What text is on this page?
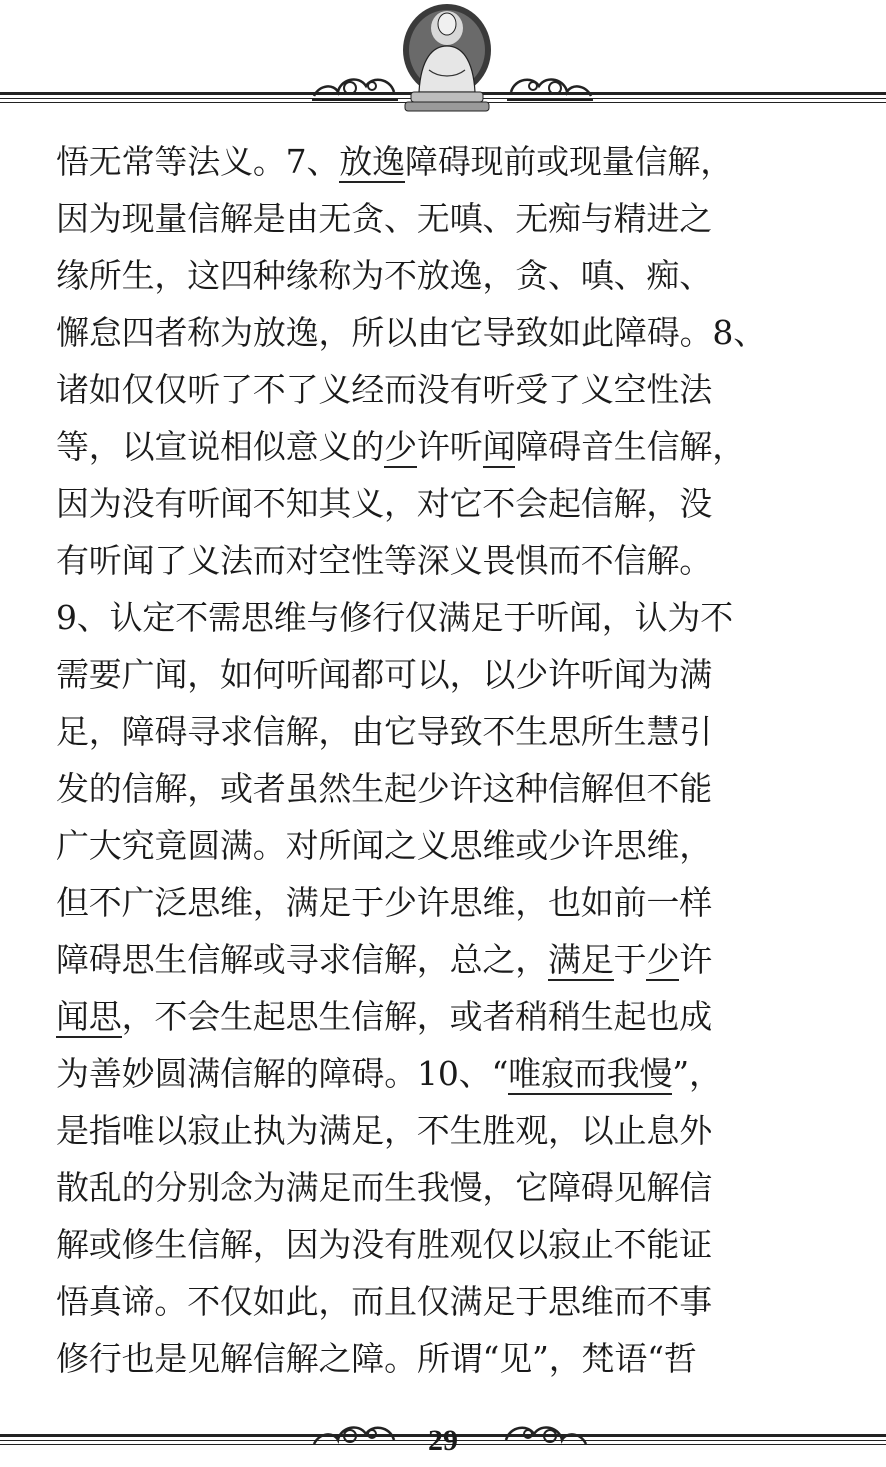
悟无常等法义。7、放逸障碍现前或现量信解，
因为现量信解是由无贪、无嗔、无痴与精进之
缘所生，这四种缘称为不放逸，贪、嗔、痴、
懈怠四者称为放逸，所以由它导致如此障碍。8、
诸如仅仅听了不了义经而没有听受了义空性法
等，以宣说相似意义的少许听闻障碍音生信解，
因为没有听闻不知其义，对它不会起信解，没
有听闻了义法而对空性等深义畏惧而不信解。
9、认定不需思维与修行仅满足于听闻，认为不
需要广闻，如何听闻都可以，以少许听闻为满
足，障碍寻求信解，由它导致不生思所生慧引
发的信解，或者虽然生起少许这种信解但不能
广大究竟圆满。对所闻之义思维或少许思维，
但不广泛思维，满足于少许思维，也如前一样
障碍思生信解或寻求信解，总之，满足于少许
闻思，不会生起思生信解，或者稍稍生起也成
为善妙圆满信解的障碍。10、“唯寂而我慢”，
是指唯以寂止执为满足，不生胜观，以止息外
散乱的分别念为满足而生我慢，它障碍见解信
解或修生信解，因为没有胜观仅以寂止不能证
悟真谛。不仅如此，而且仅满足于思维而不事
修行也是见解信解之障。所谓“见”，梵语“哲
29
